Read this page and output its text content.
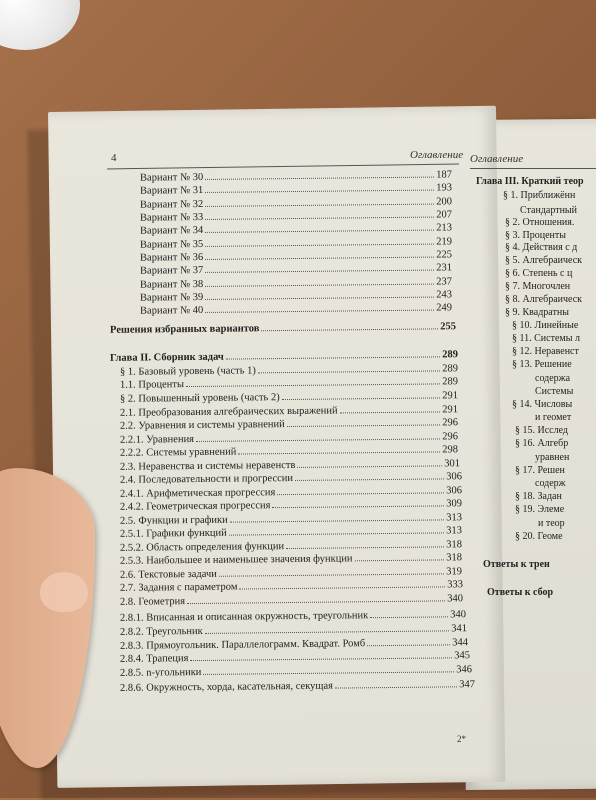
4	Оглавление
Вариант № 30	187
Вариант № 31	193
Вариант № 32	200
Вариант № 33	207
Вариант № 34	213
Вариант № 35	219
Вариант № 36	225
Вариант № 37	231
Вариант № 38	237
Вариант № 39	243
Вариант № 40	249
Решения избранных вариантов	255
Глава II. Сборник задач	289
§ 1. Базовый уровень (часть 1)	289
1.1. Проценты	289
§ 2. Повышенный уровень (часть 2)	291
2.1. Преобразования алгебраических выражений	291
2.2. Уравнения и системы уравнений	296
2.2.1. Уравнения	296
2.2.2. Системы уравнений	298
2.3. Неравенства и системы неравенств	301
2.4. Последовательности и прогрессии	306
2.4.1. Арифметическая прогрессия	306
2.4.2. Геометрическая прогрессия	309
2.5. Функции и графики	313
2.5.1. Графики функций	313
2.5.2. Область определения функции	318
2.5.3. Наибольшее и наименьшее значения функции	318
2.6. Текстовые задачи	319
2.7. Задания с параметром	333
2.8. Геометрия	340
2.8.1. Вписанная и описанная окружность, треугольник	340
2.8.2. Треугольник	341
2.8.3. Прямоугольник. Параллелограмм. Квадрат. Ромб	344
2.8.4. Трапеция	345
2.8.5. n-угольники	346
2.8.6. Окружность, хорда, касательная, секущая	347
2*
Оглавление
Глава III. Краткий теор
§ 1. Приближённ
Стандартный
§ 2. Отношения.
§ 3. Проценты
§ 4. Действия с д
§ 5. Алгебраическ
§ 6. Степень с ц
§ 7. Многочлен
§ 8. Алгебраическ
§ 9. Квадратны
§ 10. Линейные
§ 11. Системы л
§ 12. Неравенст
§ 13. Решение
содержа
Системы
§ 14. Числовы
и геомет
§ 15. Исслед
§ 16. Алгебр
уравнен
§ 17. Решен
содерж
§ 18. Задан
§ 19. Элеме
и теор
§ 20. Геоме
Ответы к трен
Ответы к сбор
